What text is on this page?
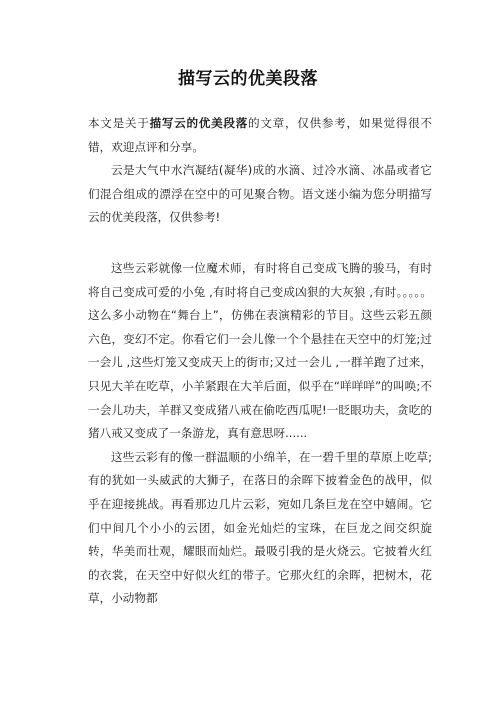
描写云的优美段落

本文是关于描写云的优美段落的文章，仅供参考，如果觉得很不错，欢迎点评和分享。

云是大气中水汽凝结(凝华)成的水滴、过冷水滴、冰晶或者它们混合组成的漂浮在空中的可见聚合物。语文迷小编为您分明描写云的优美段落，仅供参考!

这些云彩就像一位魔术师，有时将自己变成飞腾的骏马，有时将自己变成可爱的小兔 ,有时将自己变成凶狠的大灰狼 ,有时。。。。。这么多小动物在“舞台上”，仿佛在表演精彩的节目。这些云彩五颜六色，变幻不定。你看它们一会儿像一个个悬挂在天空中的灯笼;过一会儿 ,这些灯笼又变成天上的街市;又过一会儿 ,一群羊跑了过来，只见大羊在吃草，小羊紧跟在大羊后面，似乎在“咩咩咩”的叫唤;不一会儿功夫，羊群又变成猪八戒在偷吃西瓜呢!一眨眼功夫，贪吃的猪八戒又变成了一条游龙，真有意思呀......

这些云彩有的像一群温顺的小绵羊，在一碧千里的草原上吃草;有的犹如一头威武的大狮子，在落日的余晖下披着金色的战甲，似乎在迎接挑战。再看那边几片云彩，宛如几条巨龙在空中嬉闹。它们中间几个小小的云团，如金光灿烂的宝珠，在巨龙之间交织旋转，华美而壮观，耀眼而灿烂。最吸引我的是火烧云。它披着火红的衣裳，在天空中好似火红的带子。它那火红的余晖，把树木，花草，小动物都
